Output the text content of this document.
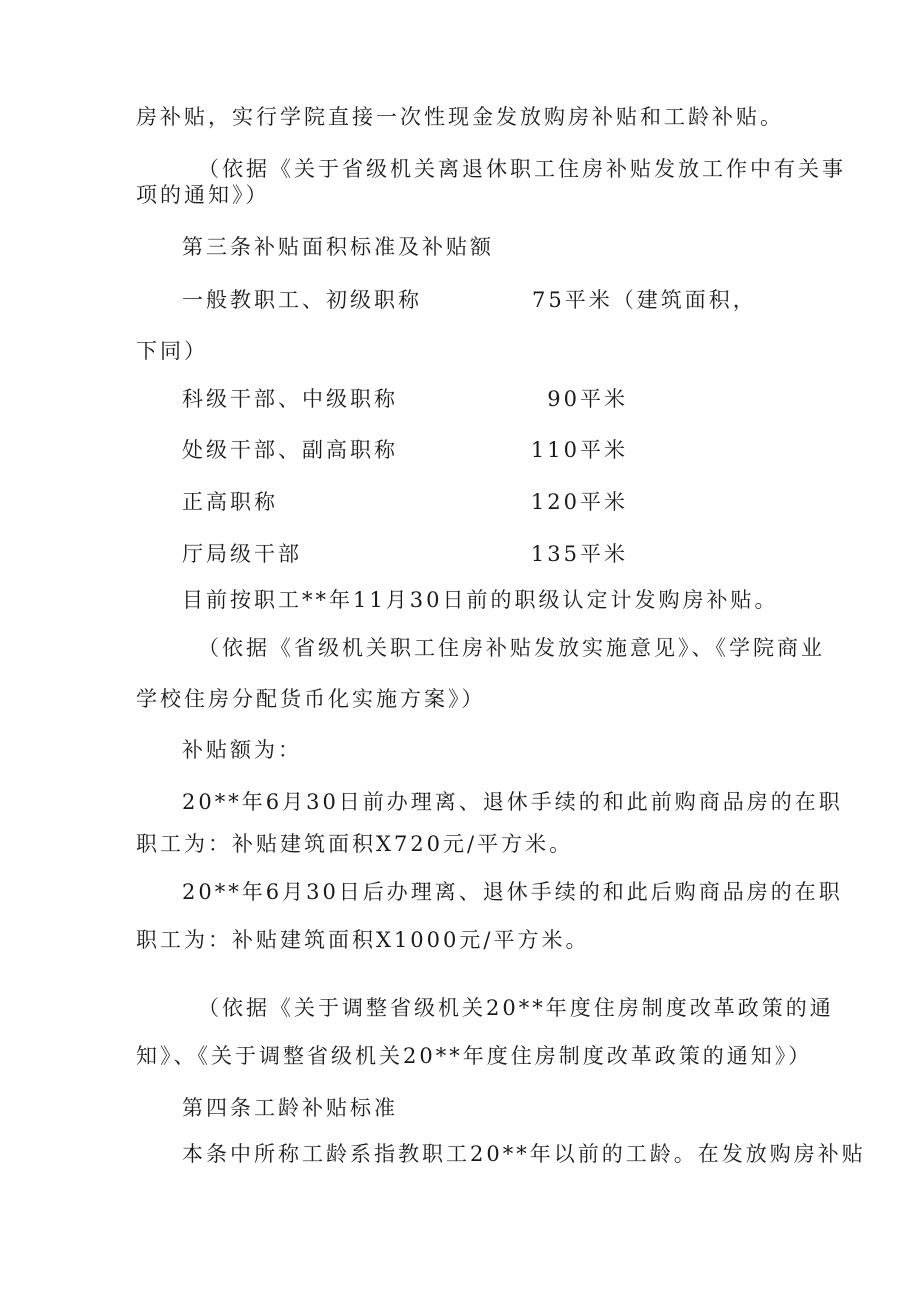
房补贴，实行学院直接一次性现金发放购房补贴和工龄补贴。
（依据《关于省级机关离退休职工住房补贴发放工作中有关事
项的通知》）
第三条补贴面积标准及补贴额
一般教职工、初级职称	75平米（建筑面积，
下同）
科级干部、中级职称	90平米
处级干部、副高职称	110平米
正高职称	120平米
厅局级干部	135平米
目前按职工**年11月30日前的职级认定计发购房补贴。
（依据《省级机关职工住房补贴发放实施意见》、《学院商业
学校住房分配货币化实施方案》）
补贴额为：
20**年6月30日前办理离、退休手续的和此前购商品房的在职
职工为：补贴建筑面积X720元/平方米。
20**年6月30日后办理离、退休手续的和此后购商品房的在职
职工为：补贴建筑面积X1000元/平方米。
（依据《关于调整省级机关20**年度住房制度改革政策的通
知》、《关于调整省级机关20**年度住房制度改革政策的通知》）
第四条工龄补贴标准
本条中所称工龄系指教职工20**年以前的工龄。在发放购房补贴
